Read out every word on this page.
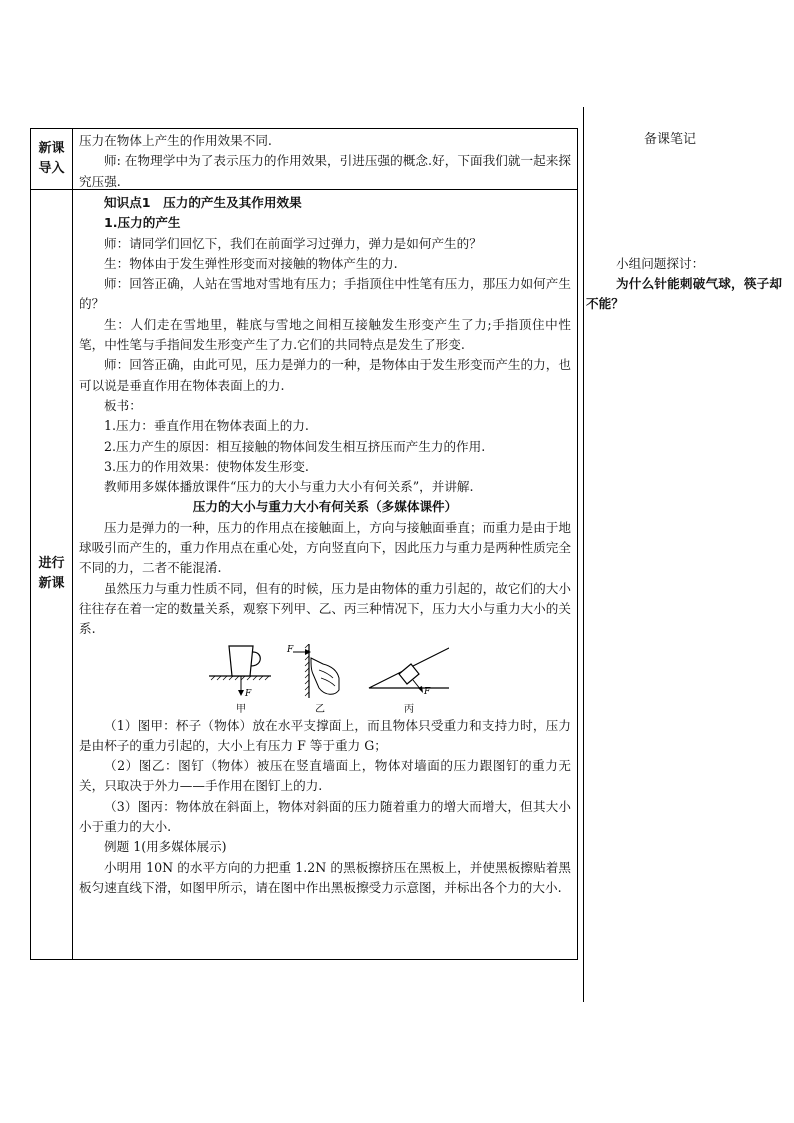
新课导入
进行新课

压力在物体上产生的作用效果不同.

师: 在物理学中为了表示压力的作用效果，引进压强的概念.好，下面我们就一起来探究压强.

知识点1　压力的产生及其作用效果

1.压力的产生

师：请同学们回忆下，我们在前面学习过弹力，弹力是如何产生的？

生：物体由于发生弹性形变而对接触的物体产生的力.

师：回答正确，人站在雪地对雪地有压力；手指顶住中性笔有压力，那压力如何产生的？

生：人们走在雪地里，鞋底与雪地之间相互接触发生形变产生了力;手指顶住中性笔，中性笔与手指间发生形变产生了力.它们的共同特点是发生了形变.

师：回答正确，由此可见，压力是弹力的一种，是物体由于发生形变而产生的力，也可以说是垂直作用在物体表面上的力.

板书：

1.压力：垂直作用在物体表面上的力.

2.压力产生的原因：相互接触的物体间发生相互挤压而产生力的作用.

3.压力的作用效果：使物体发生形变.

教师用多媒体播放课件“压力的大小与重力大小有何关系”，并讲解.

压力的大小与重力大小有何关系（多媒体课件）

压力是弹力的一种，压力的作用点在接触面上，方向与接触面垂直；而重力是由于地球吸引而产生的，重力作用点在重心处，方向竖直向下，因此压力与重力是两种性质完全不同的力，二者不能混淆.

虽然压力与重力性质不同，但有的时候，压力是由物体的重力引起的，故它们的大小往往存在着一定的数量关系，观察下列甲、乙、丙三种情况下，压力大小与重力大小的关系.

F
甲
F
乙
F
丙

（1）图甲：杯子（物体）放在水平支撑面上，而且物体只受重力和支持力时，压力是由杯子的重力引起的，大小上有压力 F 等于重力 G；

（2）图乙：图钉（物体）被压在竖直墙面上，物体对墙面的压力跟图钉的重力无关，只取决于外力——手作用在图钉上的力.

（3）图丙：物体放在斜面上，物体对斜面的压力随着重力的增大而增大，但其大小小于重力的大小.

例题 1(用多媒体展示)

小明用 10N 的水平方向的力把重 1.2N 的黑板擦挤压在黑板上，并使黑板擦贴着黑板匀速直线下滑，如图甲所示，请在图中作出黑板擦受力示意图，并标出各个力的大小.

备课笔记

小组问题探讨：

为什么针能刺破气球，筷子却不能？
